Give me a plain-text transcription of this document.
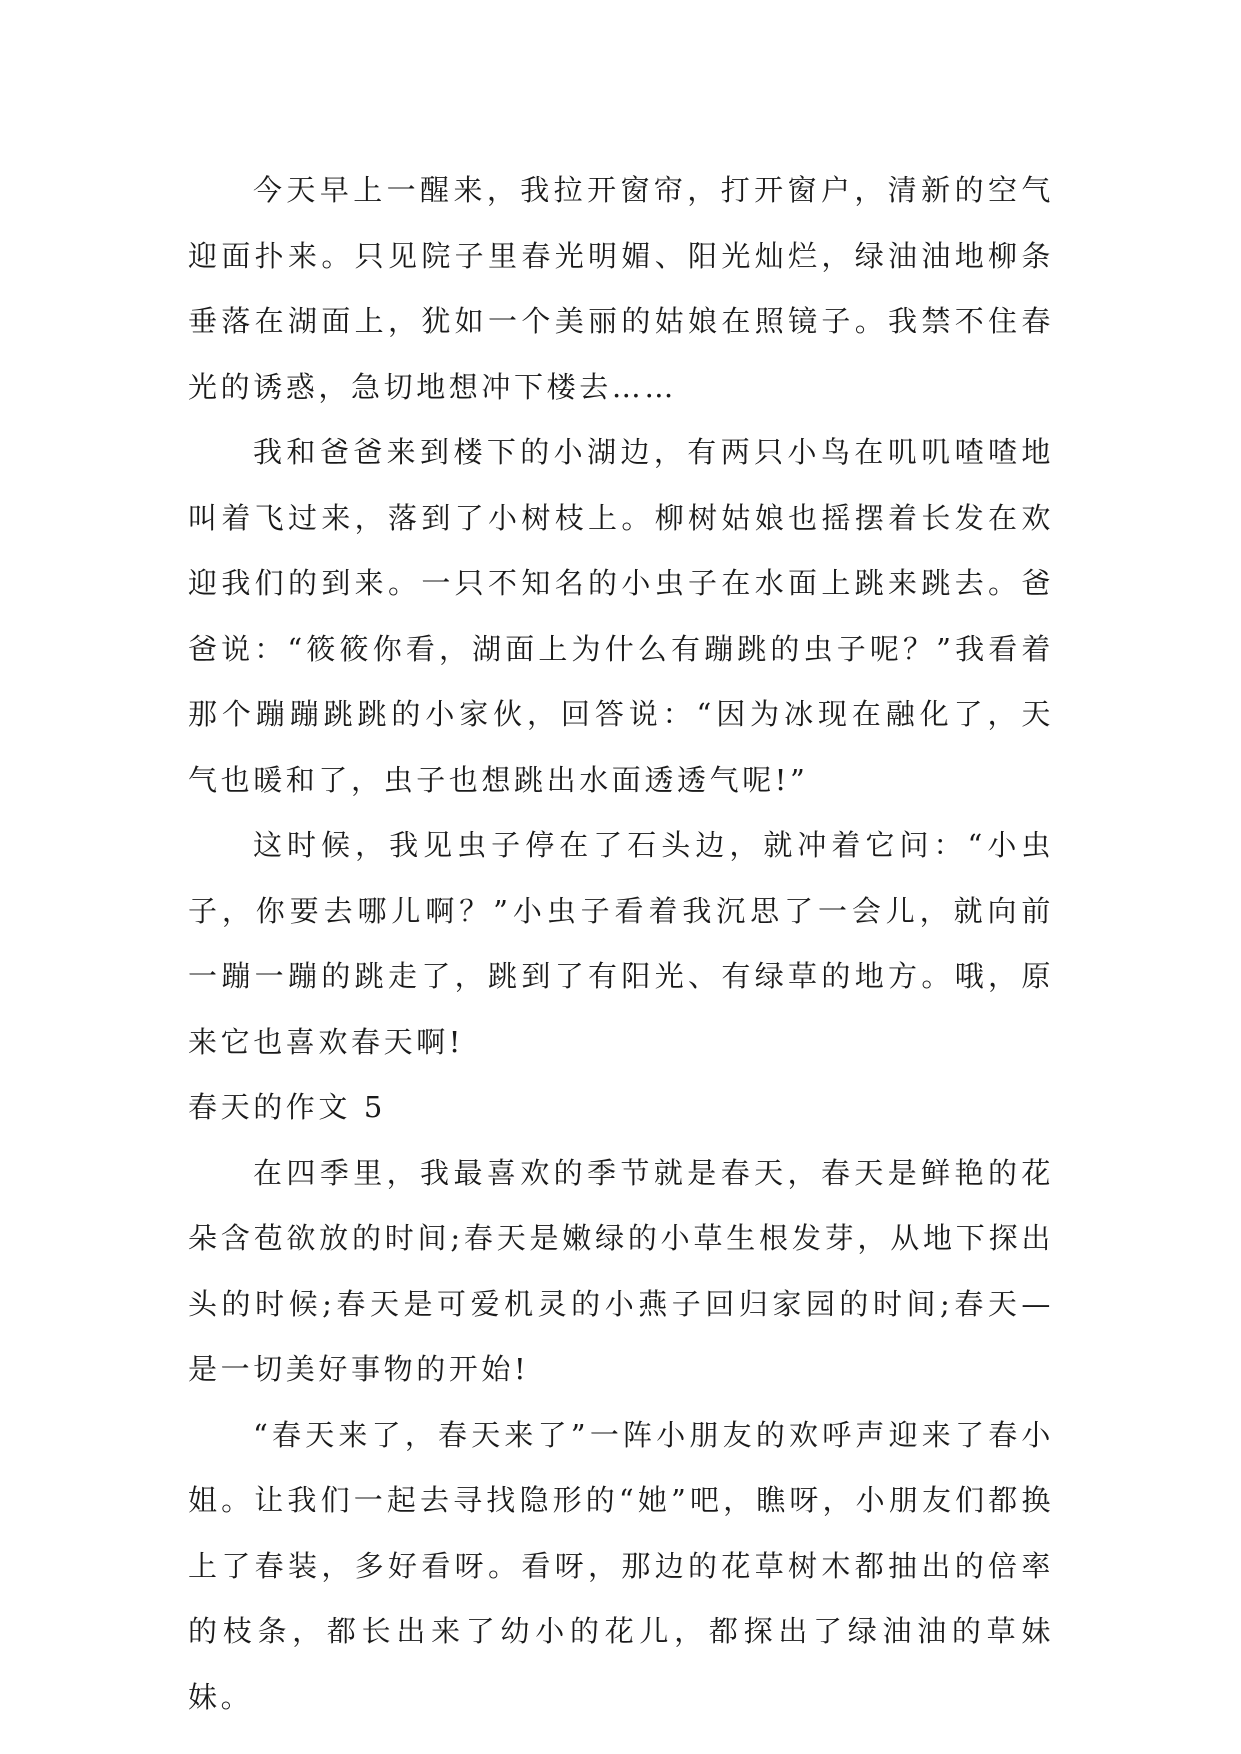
今天早上一醒来，我拉开窗帘，打开窗户，清新的空气迎面扑来。只见院子里春光明媚、阳光灿烂，绿油油地柳条垂落在湖面上，犹如一个美丽的姑娘在照镜子。我禁不住春光的诱惑，急切地想冲下楼去……

我和爸爸来到楼下的小湖边，有两只小鸟在叽叽喳喳地叫着飞过来，落到了小树枝上。柳树姑娘也摇摆着长发在欢迎我们的到来。一只不知名的小虫子在水面上跳来跳去。爸爸说：“筱筱你看，湖面上为什么有蹦跳的虫子呢？”我看着那个蹦蹦跳跳的小家伙，回答说：“因为冰现在融化了，天气也暖和了，虫子也想跳出水面透透气呢!”

这时候，我见虫子停在了石头边，就冲着它问：“小虫子，你要去哪儿啊？”小虫子看着我沉思了一会儿，就向前一蹦一蹦的跳走了，跳到了有阳光、有绿草的地方。哦，原来它也喜欢春天啊!

春天的作文 5

在四季里，我最喜欢的季节就是春天，春天是鲜艳的花朵含苞欲放的时间;春天是嫩绿的小草生根发芽，从地下探出头的时候;春天是可爱机灵的小燕子回归家园的时间;春天—是一切美好事物的开始!

“春天来了，春天来了”一阵小朋友的欢呼声迎来了春小姐。让我们一起去寻找隐形的“她”吧，瞧呀，小朋友们都换上了春装，多好看呀。看呀，那边的花草树木都抽出的倍率的枝条，都长出来了幼小的花儿，都探出了绿油油的草妹妹。
